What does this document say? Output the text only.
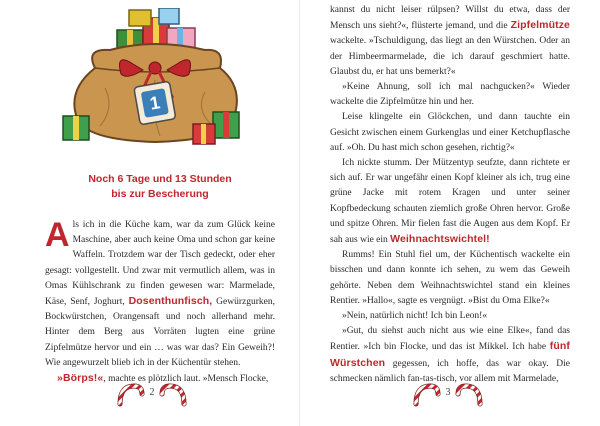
1
Noch 6 Tage und 13 Stunden
bis zur Bescherung

Als ich in die Küche kam, war da zum Glück keine Maschine, aber auch keine Oma und schon gar keine Waffeln. Trotzdem war der Tisch gedeckt, oder eher gesagt: vollgestellt. Und zwar mit vermutlich allem, was in Omas Kühlschrank zu finden gewesen war: Marmelade, Käse, Senf, Joghurt, Dosenthunfisch, Gewürzgurken, Bockwürstchen, Orangensaft und noch allerhand mehr. Hinter dem Berg aus Vorräten lugten eine grüne Zipfelmütze hervor und ein … was war das? Ein Geweih?! Wie angewurzelt blieb ich in der Küchentür stehen.

»Börps!«, machte es plötzlich laut. »Mensch Flocke,

2

kannst du nicht leiser rülpsen? Willst du etwa, dass der Mensch uns sieht?«, flüsterte jemand, und die Zipfelmütze wackelte. »Tschuldigung, das liegt an den Würstchen. Oder an der Himbeermarmelade, die ich darauf geschmiert hatte. Glaubst du, er hat uns bemerkt?«

»Keine Ahnung, soll ich mal nachgucken?« Wieder wackelte die Zipfelmütze hin und her.

Leise klingelte ein Glöckchen, und dann tauchte ein Gesicht zwischen einem Gurkenglas und einer Ketchupflasche auf. »Oh. Du hast mich schon gesehen, richtig?«

Ich nickte stumm. Der Mützentyp seufzte, dann richtete er sich auf. Er war ungefähr einen Kopf kleiner als ich, trug eine grüne Jacke mit rotem Kragen und unter seiner Kopfbedeckung schauten ziemlich große Ohren hervor. Große und spitze Ohren. Mir fielen fast die Augen aus dem Kopf. Er sah aus wie ein Weihnachtswichtel!

Rumms! Ein Stuhl fiel um, der Küchentisch wackelte ein bisschen und dann konnte ich sehen, zu wem das Geweih gehörte. Neben dem Weihnachtswichtel stand ein kleines Rentier. »Hallo«, sagte es vergnügt. »Bist du Oma Elke?«

»Nein, natürlich nicht! Ich bin Leon!«

»Gut, du siehst auch nicht aus wie eine Elke«, fand das Rentier. »Ich bin Flocke, und das ist Mikkel. Ich habe fünf Würstchen gegessen, ich hoffe, das war okay. Die schmecken nämlich fan-tas-tisch, vor allem mit Marmelade,

3
